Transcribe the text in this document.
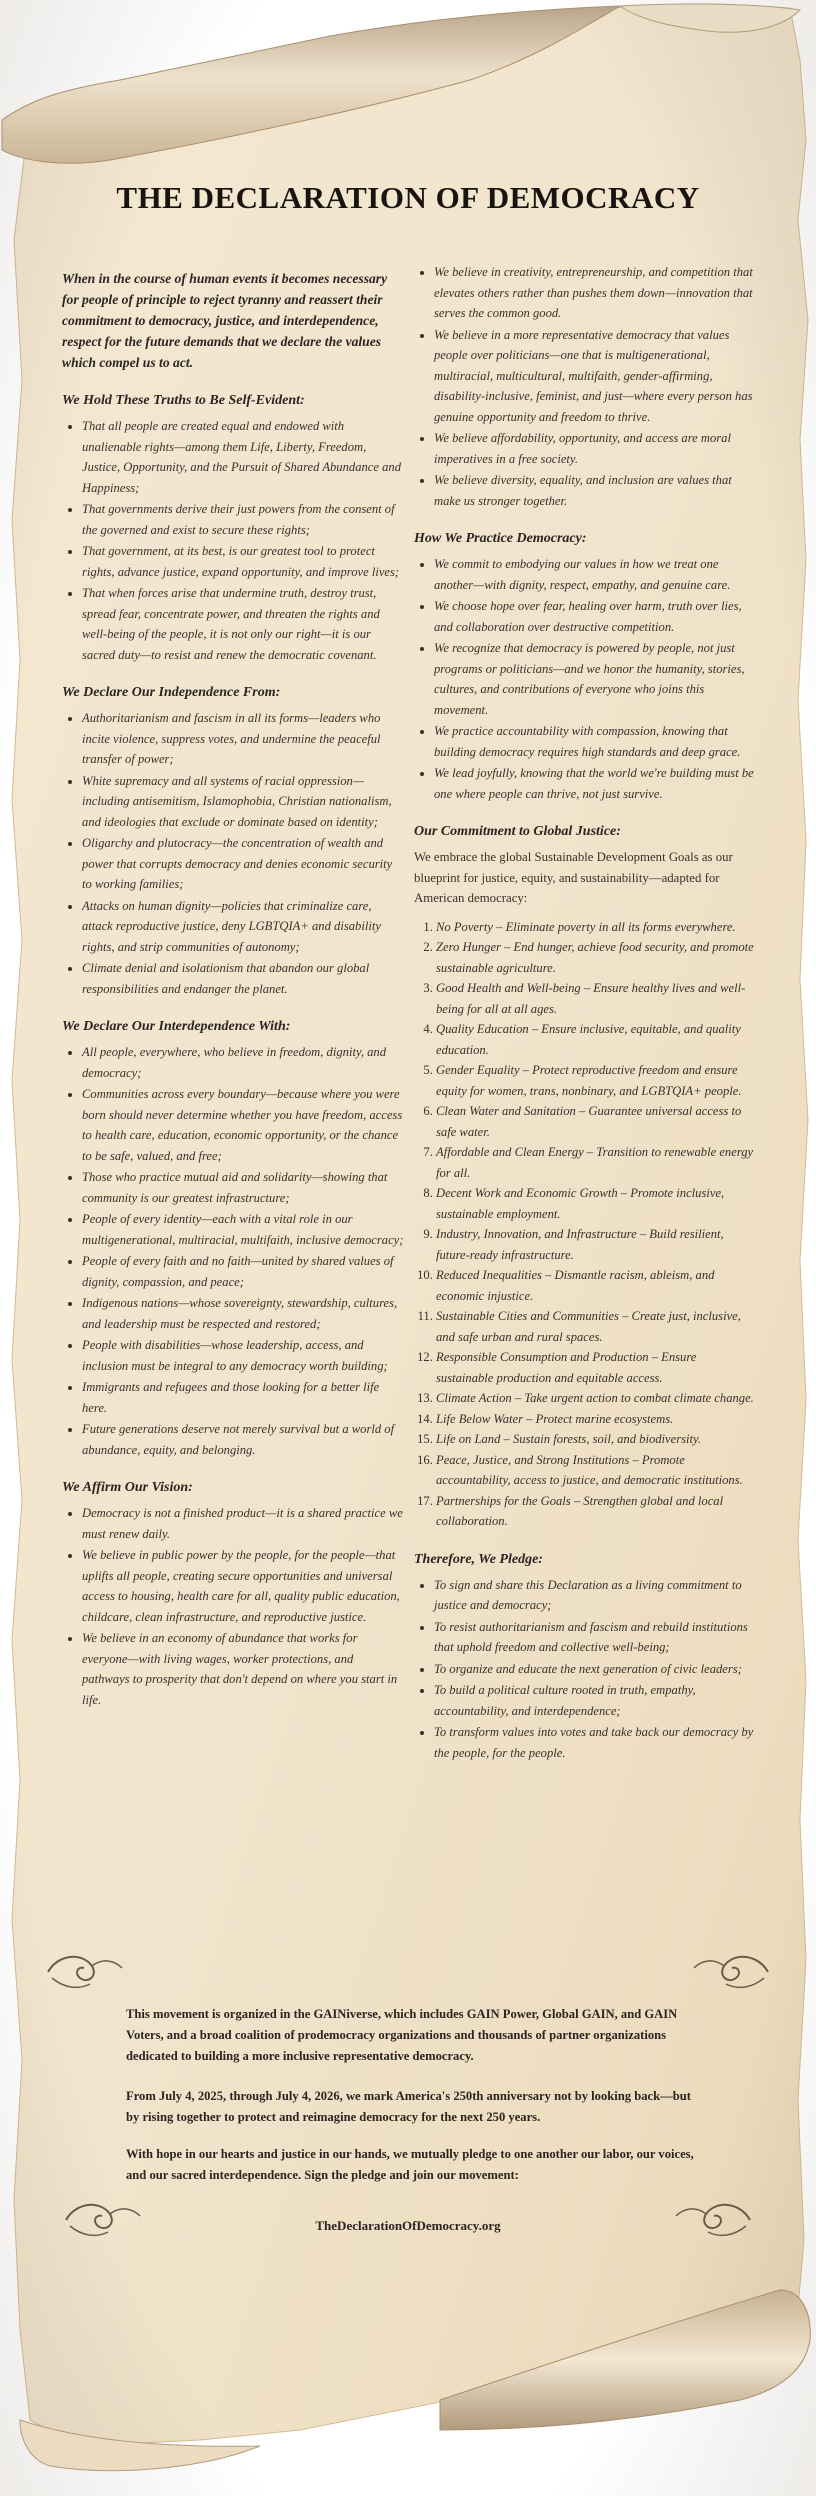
THE DECLARATION OF DEMOCRACY

When in the course of human events it becomes necessary for people of principle to reject tyranny and reassert their commitment to democracy, justice, and interdependence, respect for the future demands that we declare the values which compel us to act.

We Hold These Truths to Be Self-Evident:
• That all people are created equal and endowed with unalienable rights—among them Life, Liberty, Freedom, Justice, Opportunity, and the Pursuit of Shared Abundance and Happiness;
• That governments derive their just powers from the consent of the governed and exist to secure these rights;
• That government, at its best, is our greatest tool to protect rights, advance justice, expand opportunity, and improve lives;
• That when forces arise that undermine truth, destroy trust, spread fear, concentrate power, and threaten the rights and well-being of the people, it is not only our right—it is our sacred duty—to resist and renew the democratic covenant.
We Declare Our Independence From:
• Authoritarianism and fascism in all its forms—leaders who incite violence, suppress votes, and undermine the peaceful transfer of power;
• White supremacy and all systems of racial oppression—including antisemitism, Islamophobia, Christian nationalism, and ideologies that exclude or dominate based on identity;
• Oligarchy and plutocracy—the concentration of wealth and power that corrupts democracy and denies economic security to working families;
• Attacks on human dignity—policies that criminalize care, attack reproductive justice, deny LGBTQIA+ and disability rights, and strip communities of autonomy;
• Climate denial and isolationism that abandon our global responsibilities and endanger the planet.
We Declare Our Interdependence With:
• All people, everywhere, who believe in freedom, dignity, and democracy;
• Communities across every boundary—because where you were born should never determine whether you have freedom, access to health care, education, economic opportunity, or the chance to be safe, valued, and free;
• Those who practice mutual aid and solidarity—showing that community is our greatest infrastructure;
• People of every identity—each with a vital role in our multigenerational, multiracial, multifaith, inclusive democracy;
• People of every faith and no faith—united by shared values of dignity, compassion, and peace;
• Indigenous nations—whose sovereignty, stewardship, cultures, and leadership must be respected and restored;
• People with disabilities—whose leadership, access, and inclusion must be integral to any democracy worth building;
• Immigrants and refugees and those looking for a better life here.
• Future generations deserve not merely survival but a world of abundance, equity, and belonging.
We Affirm Our Vision:
• Democracy is not a finished product—it is a shared practice we must renew daily.
• We believe in public power by the people, for the people—that uplifts all people, creating secure opportunities and universal access to housing, health care for all, quality public education, childcare, clean infrastructure, and reproductive justice.
• We believe in an economy of abundance that works for everyone—with living wages, worker protections, and pathways to prosperity that don't depend on where you start in life.
• We believe in creativity, entrepreneurship, and competition that elevates others rather than pushes them down—innovation that serves the common good.
• We believe in a more representative democracy that values people over politicians—one that is multigenerational, multiracial, multicultural, multifaith, gender-affirming, disability-inclusive, feminist, and just—where every person has genuine opportunity and freedom to thrive.
• We believe affordability, opportunity, and access are moral imperatives in a free society.
• We believe diversity, equality, and inclusion are values that make us stronger together.
How We Practice Democracy:
• We commit to embodying our values in how we treat one another—with dignity, respect, empathy, and genuine care.
• We choose hope over fear, healing over harm, truth over lies, and collaboration over destructive competition.
• We recognize that democracy is powered by people, not just programs or politicians—and we honor the humanity, stories, cultures, and contributions of everyone who joins this movement.
• We practice accountability with compassion, knowing that building democracy requires high standards and deep grace.
• We lead joyfully, knowing that the world we're building must be one where people can thrive, not just survive.
Our Commitment to Global Justice:

We embrace the global Sustainable Development Goals as our blueprint for justice, equity, and sustainability—adapted for American democracy:

1. No Poverty – Eliminate poverty in all its forms everywhere.
2. Zero Hunger – End hunger, achieve food security, and promote sustainable agriculture.
3. Good Health and Well-being – Ensure healthy lives and well-being for all at all ages.
4. Quality Education – Ensure inclusive, equitable, and quality education.
5. Gender Equality – Protect reproductive freedom and ensure equity for women, trans, nonbinary, and LGBTQIA+ people.
6. Clean Water and Sanitation – Guarantee universal access to safe water.
7. Affordable and Clean Energy – Transition to renewable energy for all.
8. Decent Work and Economic Growth – Promote inclusive, sustainable employment.
9. Industry, Innovation, and Infrastructure – Build resilient, future-ready infrastructure.
10. Reduced Inequalities – Dismantle racism, ableism, and economic injustice.
11. Sustainable Cities and Communities – Create just, inclusive, and safe urban and rural spaces.
12. Responsible Consumption and Production – Ensure sustainable production and equitable access.
13. Climate Action – Take urgent action to combat climate change.
14. Life Below Water – Protect marine ecosystems.
15. Life on Land – Sustain forests, soil, and biodiversity.
16. Peace, Justice, and Strong Institutions – Promote accountability, access to justice, and democratic institutions.
17. Partnerships for the Goals – Strengthen global and local collaboration.
Therefore, We Pledge:
• To sign and share this Declaration as a living commitment to justice and democracy;
• To resist authoritarianism and fascism and rebuild institutions that uphold freedom and collective well-being;
• To organize and educate the next generation of civic leaders;
• To build a political culture rooted in truth, empathy, accountability, and interdependence;
• To transform values into votes and take back our democracy by the people, for the people.

This movement is organized in the GAINiverse, which includes GAIN Power, Global GAIN, and GAIN Voters, and a broad coalition of prodemocracy organizations and thousands of partner organizations dedicated to building a more inclusive representative democracy.

From July 4, 2025, through July 4, 2026, we mark America's 250th anniversary not by looking back—but by rising together to protect and reimagine democracy for the next 250 years.

With hope in our hearts and justice in our hands, we mutually pledge to one another our labor, our voices, and our sacred interdependence. Sign the pledge and join our movement:

TheDeclarationOfDemocracy.org
